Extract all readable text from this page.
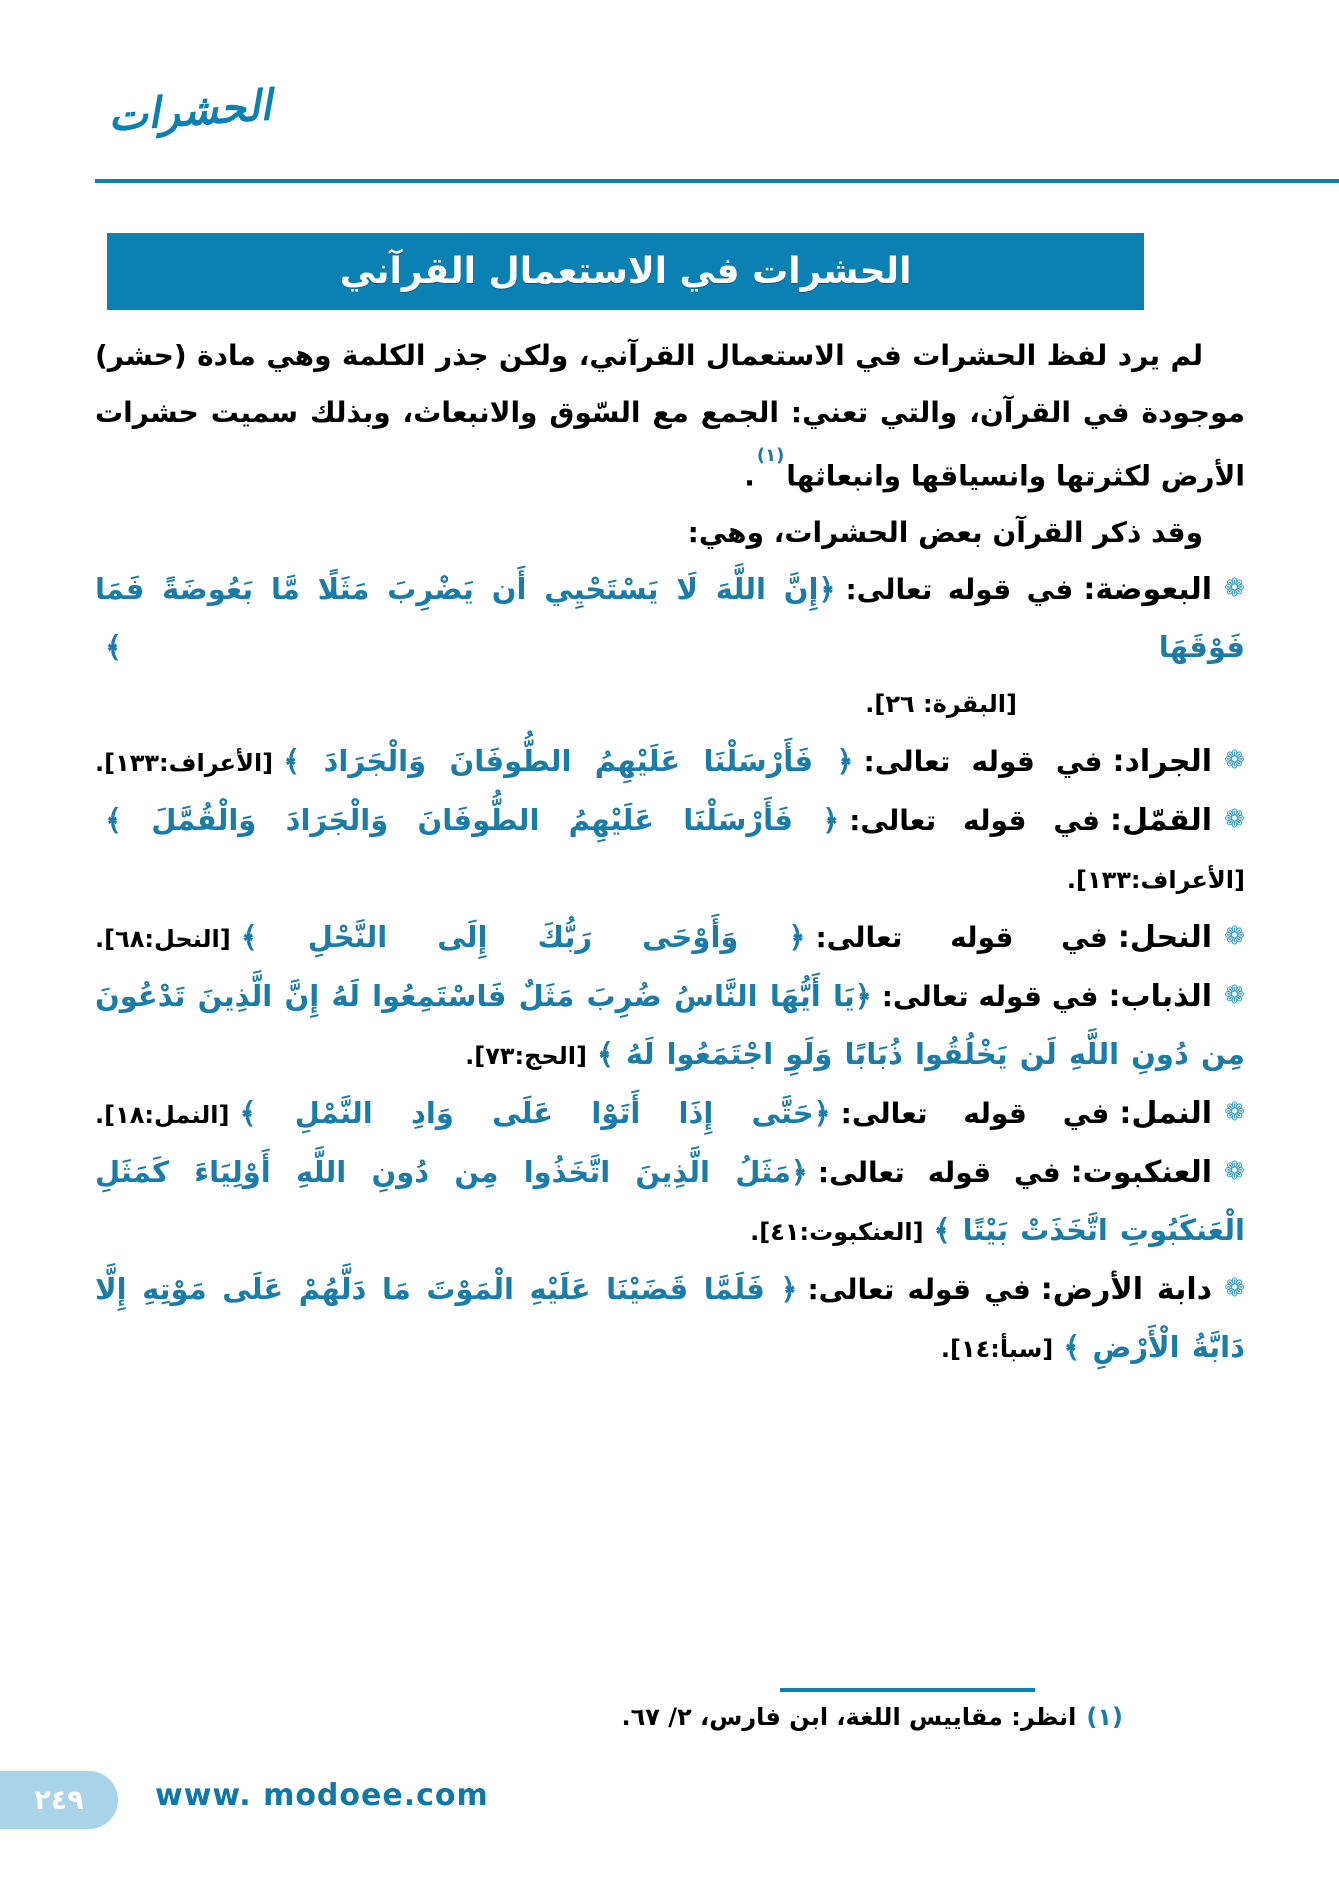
الحشرات
الحشرات في الاستعمال القرآني

لم يرد لفظ الحشرات في الاستعمال القرآني، ولكن جذر الكلمة وهي مادة (حشر) موجودة في القرآن، والتي تعني: الجمع مع السّوق والانبعاث، وبذلك سميت حشرات الأرض لكثرتها وانسياقها وانبعاثها$^{(١)}$.

وقد ذكر القرآن بعض الحشرات، وهي:

❁البعوضة:في قوله تعالى:﴿إِنَّ اللَّهَ لَا يَسْتَحْيِي أَن يَضْرِبَ مَثَلًا مَّا بَعُوضَةً فَمَا فَوْقَهَا ﴾
[البقرة: ٢٦].
❁الجراد:في قوله تعالى:﴿ فَأَرْسَلْنَا عَلَيْهِمُ الطُّوفَانَ وَالْجَرَادَ ﴾[الأعراف:١٣٣].
❁القمّل:في قوله تعالى:﴿ فَأَرْسَلْنَا عَلَيْهِمُ الطُّوفَانَ وَالْجَرَادَ وَالْقُمَّلَ ﴾[الأعراف:١٣٣].
❁النحل:في قوله تعالى:﴿ وَأَوْحَى رَبُّكَ إِلَى النَّحْلِ ﴾[النحل:٦٨].
❁الذباب:في قوله تعالى:﴿يَا أَيُّهَا النَّاسُ ضُرِبَ مَثَلٌ فَاسْتَمِعُوا لَهُ إِنَّ الَّذِينَ تَدْعُونَ مِن دُونِ اللَّهِ لَن يَخْلُقُوا ذُبَابًا وَلَوِ اجْتَمَعُوا لَهُ ﴾[الحج:٧٣].
❁النمل:في قوله تعالى:﴿حَتَّى إِذَا أَتَوْا عَلَى وَادِ النَّمْلِ ﴾[النمل:١٨].
❁العنكبوت:في قوله تعالى:﴿مَثَلُ الَّذِينَ اتَّخَذُوا مِن دُونِ اللَّهِ أَوْلِيَاءَ كَمَثَلِ الْعَنكَبُوتِ اتَّخَذَتْ بَيْتًا ﴾[العنكبوت:٤١].
❁دابة الأرض:في قوله تعالى:﴿ فَلَمَّا قَضَيْنَا عَلَيْهِ الْمَوْتَ مَا دَلَّهُمْ عَلَى مَوْتِهِ إِلَّا دَابَّةُ الْأَرْضِ ﴾[سبأ:١٤].

(١)انظر: مقاييس اللغة، ابن فارس، ٢/ ٦٧.

٢٤٩ www. modoee.com
